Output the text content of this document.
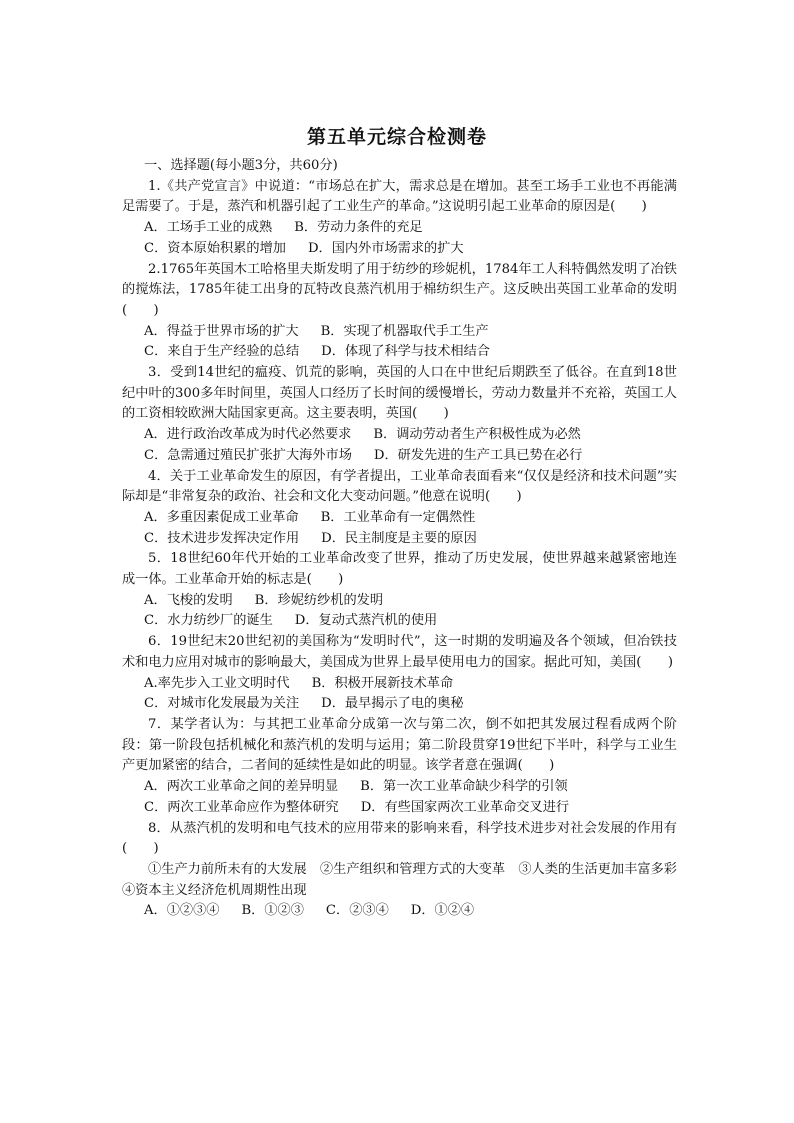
第五单元综合检测卷

一、选择题(每小题3分，共60分)

1.《共产党宣言》中说道：“市场总在扩大，需求总是在增加。甚至工场手工业也不再能满足需要了。于是，蒸汽和机器引起了工业生产的革命。”这说明引起工业革命的原因是(　　)

A．工场手工业的成熟 B．劳动力条件的充足

C．资本原始积累的增加 D．国内外市场需求的扩大

2.1765年英国木工哈格里夫斯发明了用于纺纱的珍妮机，1784年工人科特偶然发明了冶铁的搅炼法，1785年徒工出身的瓦特改良蒸汽机用于棉纺织生产。这反映出英国工业革命的发明(　　)

A．得益于世界市场的扩大 B．实现了机器取代手工生产

C．来自于生产经验的总结 D．体现了科学与技术相结合

3．受到14世纪的瘟疫、饥荒的影响，英国的人口在中世纪后期跌至了低谷。在直到18世纪中叶的300多年时间里，英国人口经历了长时间的缓慢增长，劳动力数量并不充裕，英国工人的工资相较欧洲大陆国家更高。这主要表明，英国(　　)

A．进行政治改革成为时代必然要求 B．调动劳动者生产积极性成为必然

C．急需通过殖民扩张扩大海外市场 D．研发先进的生产工具已势在必行

4．关于工业革命发生的原因，有学者提出，工业革命表面看来“仅仅是经济和技术问题”实际却是“非常复杂的政治、社会和文化大变动问题。”他意在说明(　　)

A．多重因素促成工业革命 B．工业革命有一定偶然性

C．技术进步发挥决定作用 D．民主制度是主要的原因

5．18世纪60年代开始的工业革命改变了世界，推动了历史发展，使世界越来越紧密地连成一体。工业革命开始的标志是(　　)

A．飞梭的发明 B．珍妮纺纱机的发明

C．水力纺纱厂的诞生 D．复动式蒸汽机的使用

6．19世纪末20世纪初的美国称为“发明时代”，这一时期的发明遍及各个领域，但冶铁技术和电力应用对城市的影响最大，美国成为世界上最早使用电力的国家。据此可知，美国(　　)

A.率先步入工业文明时代 B．积极开展新技术革命

C．对城市化发展最为关注 D．最早揭示了电的奥秘

7．某学者认为：与其把工业革命分成第一次与第二次，倒不如把其发展过程看成两个阶段：第一阶段包括机械化和蒸汽机的发明与运用；第二阶段贯穿19世纪下半叶，科学与工业生产更加紧密的结合，二者间的延续性是如此的明显。该学者意在强调(　　)

A．两次工业革命之间的差异明显 B．第一次工业革命缺少科学的引领

C．两次工业革命应作为整体研究 D．有些国家两次工业革命交叉进行

8．从蒸汽机的发明和电气技术的应用带来的影响来看，科学技术进步对社会发展的作用有(　　)

①生产力前所未有的大发展　②生产组织和管理方式的大变革　③人类的生活更加丰富多彩　④资本主义经济危机周期性出现

A．①②③④ B．①②③ C．②③④ D．①②④
